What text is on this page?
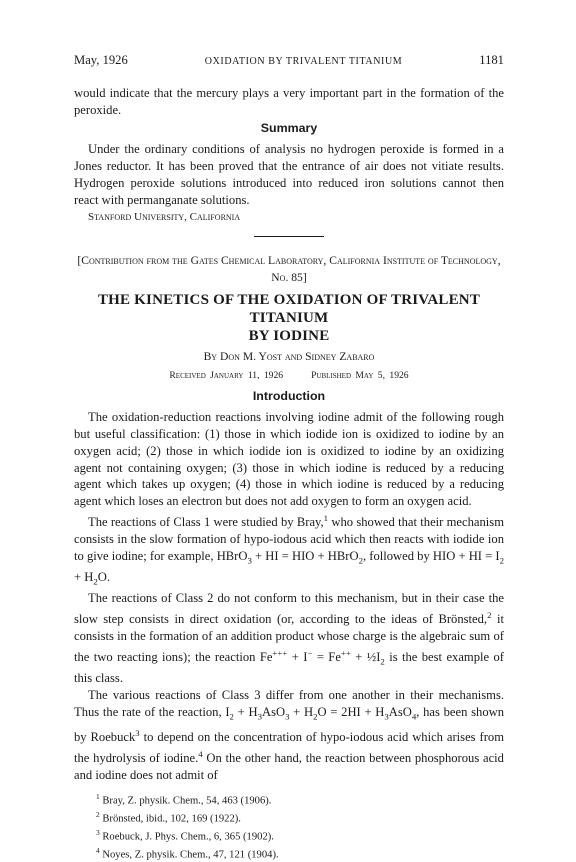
May, 1926	OXIDATION BY TRIVALENT TITANIUM	1181

would indicate that the mercury plays a very important part in the formation of the peroxide.

Summary

Under the ordinary conditions of analysis no hydrogen peroxide is formed in a Jones reductor. It has been proved that the entrance of air does not vitiate results. Hydrogen peroxide solutions introduced into reduced iron solutions cannot then react with permanganate solutions.

Stanford University, California

[Contribution from the Gates Chemical Laboratory, California Institute of Technology, No. 85]

THE KINETICS OF THE OXIDATION OF TRIVALENT TITANIUM
BY IODINE
By Don M. Yost and Sidney Zabaro
Received January 11, 1926	Published May 5, 1926
Introduction

The oxidation-reduction reactions involving iodine admit of the following rough but useful classification: (1) those in which iodide ion is oxidized to iodine by an oxygen acid; (2) those in which iodide ion is oxidized to iodine by an oxidizing agent not containing oxygen; (3) those in which iodine is reduced by a reducing agent which takes up oxygen; (4) those in which iodine is reduced by a reducing agent which loses an electron but does not add oxygen to form an oxygen acid.

The reactions of Class 1 were studied by Bray,$^1$ who showed that their mechanism consists in the slow formation of hypo-iodous acid which then reacts with iodide ion to give iodine; for example, HBrO$_3$ + HI = HIO + HBrO$_2$, followed by HIO + HI = $I_2 + H_2O$.

The reactions of Class 2 do not conform to this mechanism, but in their case the slow step consists in direct oxidation (or, according to the ideas of Brönsted,$^2$ it consists in the formation of an addition product whose charge is the algebraic sum of the two reacting ions); the reaction $Fe^{+++} + I^- = Fe^{++} + \frac{1}{2}I_2$ is the best example of this class.

The various reactions of Class 3 differ from one another in their mechanisms. Thus the rate of the reaction, $I_2 + H_3AsO_3 + H_2O = 2HI + H_3AsO_4$, has been shown by Roebuck$^3$ to depend on the concentration of hypo-iodous acid which arises from the hydrolysis of iodine.$^4$ On the other hand, the reaction between phosphorous acid and iodine does not admit of

$^1$ Bray, Z. physik. Chem., 54, 463 (1906).
$^2$ Brönsted, ibid., 102, 169 (1922).
$^3$ Roebuck, J. Phys. Chem., 6, 365 (1902).
$^4$ Noyes, Z. physik. Chem., 47, 121 (1904).
